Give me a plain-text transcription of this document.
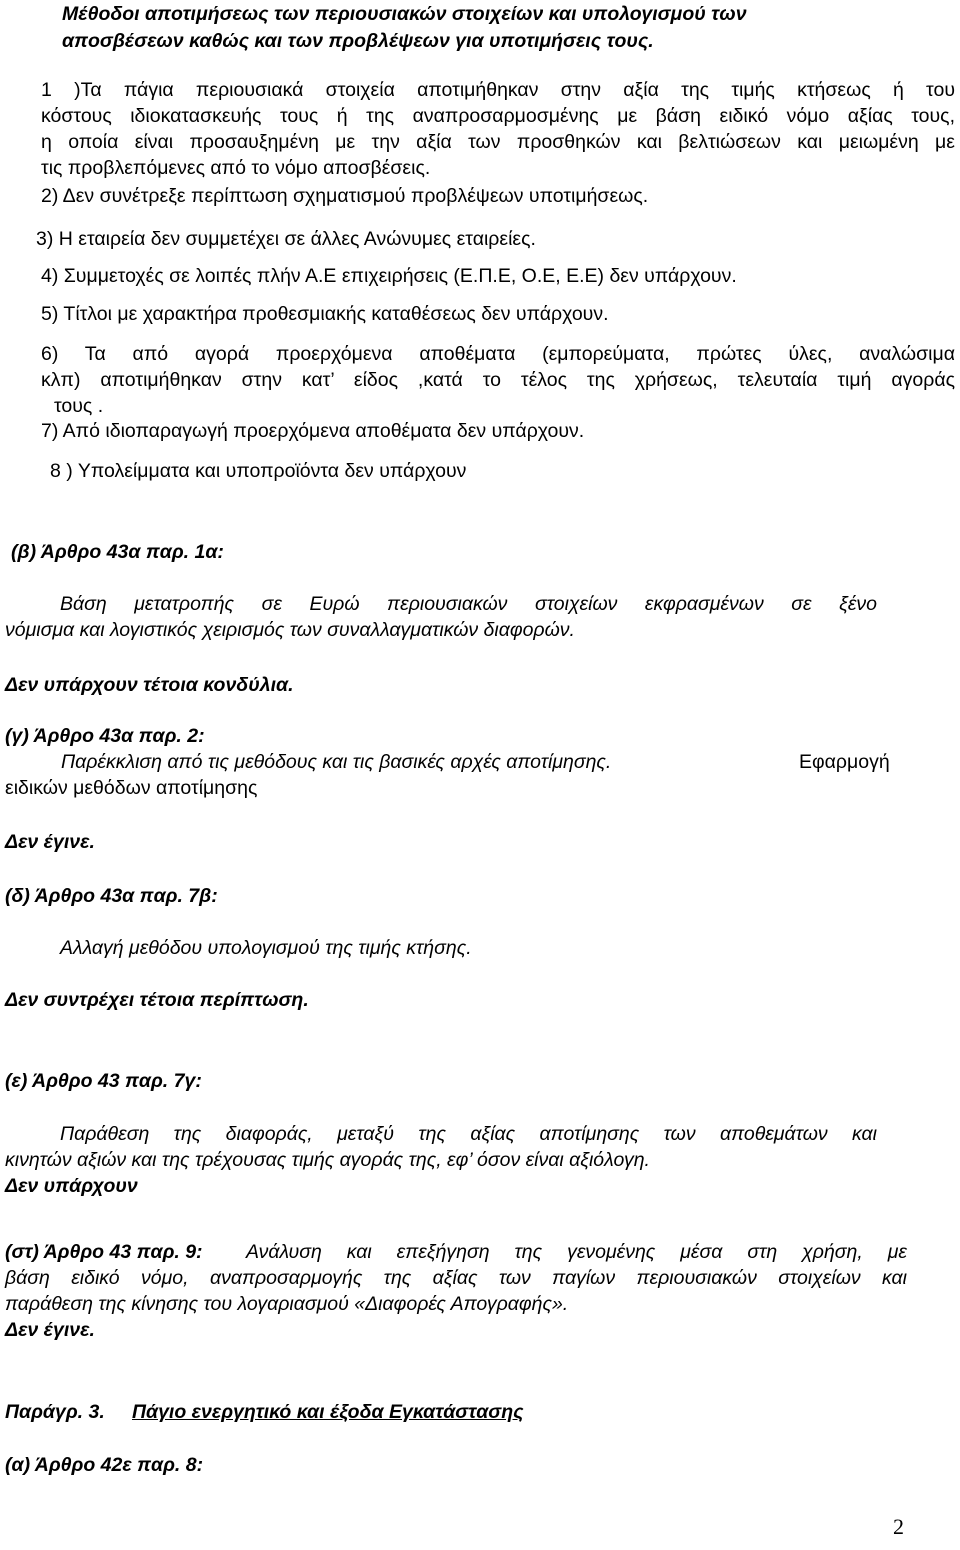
Μέθοδοι αποτιμήσεως των περιουσιακών στοιχείων και υπολογισμού των
αποσβέσεων καθώς και των προβλέψεων για υποτιμήσεις τους.
1 )Τα πάγια περιουσιακά στοιχεία αποτιμήθηκαν στην αξία της τιμής κτήσεως ή του
κόστους ιδιοκατασκευής τους ή της αναπροσαρμοσμένης με βάση ειδικό νόμο αξίας τους,
η οποία είναι προσαυξημένη με την αξία των προσθηκών και βελτιώσεων και μειωμένη με
τις προβλεπόμενες από το νόμο αποσβέσεις.
2) Δεν συνέτρεξε περίπτωση σχηματισμού προβλέψεων υποτιμήσεως.
3) Η εταιρεία δεν συμμετέχει σε άλλες Ανώνυμες εταιρείες.
4) Συμμετοχές σε λοιπές πλήν Α.Ε επιχειρήσεις (Ε.Π.Ε, Ο.Ε, Ε.Ε) δεν υπάρχουν.
5) Τίτλοι με χαρακτήρα προθεσμιακής καταθέσεως δεν υπάρχουν.
6) Τα από αγορά προερχόμενα αποθέματα (εμπορεύματα, πρώτες ύλες, αναλώσιμα
κλπ) αποτιμήθηκαν στην κατ’ είδος ,κατά το τέλος της χρήσεως, τελευταία τιμή αγοράς
τους .
7) Από ιδιοπαραγωγή προερχόμενα αποθέματα δεν υπάρχουν.
8 ) Υπολείμματα και υποπροϊόντα δεν υπάρχουν
(β) Άρθρο 43α παρ. 1α:
Βάση μετατροπής σε Ευρώ περιουσιακών στοιχείων εκφρασμένων σε ξένο
νόμισμα και λογιστικός χειρισμός των συναλλαγματικών διαφορών.
Δεν υπάρχουν τέτοια κονδύλια.
(γ) Άρθρο 43α παρ. 2:
Παρέκκλιση από τις μεθόδους και τις βασικές αρχές αποτίμησης.	Εφαρμογή
ειδικών μεθόδων αποτίμησης
Δεν έγινε.
(δ) Άρθρο 43α παρ. 7β:
Αλλαγή μεθόδου υπολογισμού της τιμής κτήσης.
Δεν συντρέχει τέτοια περίπτωση.
(ε) Άρθρο 43 παρ. 7γ:
Παράθεση της διαφοράς, μεταξύ της αξίας αποτίμησης των αποθεμάτων και
κινητών αξιών και της τρέχουσας τιμής αγοράς της, εφ’ όσον είναι αξιόλογη.
Δεν υπάρχουν
(στ) Άρθρο 43 παρ. 9: Ανάλυση και επεξήγηση της γενομένης μέσα στη χρήση, με
βάση ειδικό νόμο, αναπροσαρμογής της αξίας των παγίων περιουσιακών στοιχείων και
παράθεση της κίνησης του λογαριασμού «Διαφορές Απογραφής».
Δεν έγινε.
Παράγρ. 3. Πάγιο ενεργητικό και έξοδα Εγκατάστασης
(α) Άρθρο 42ε παρ. 8:
2
